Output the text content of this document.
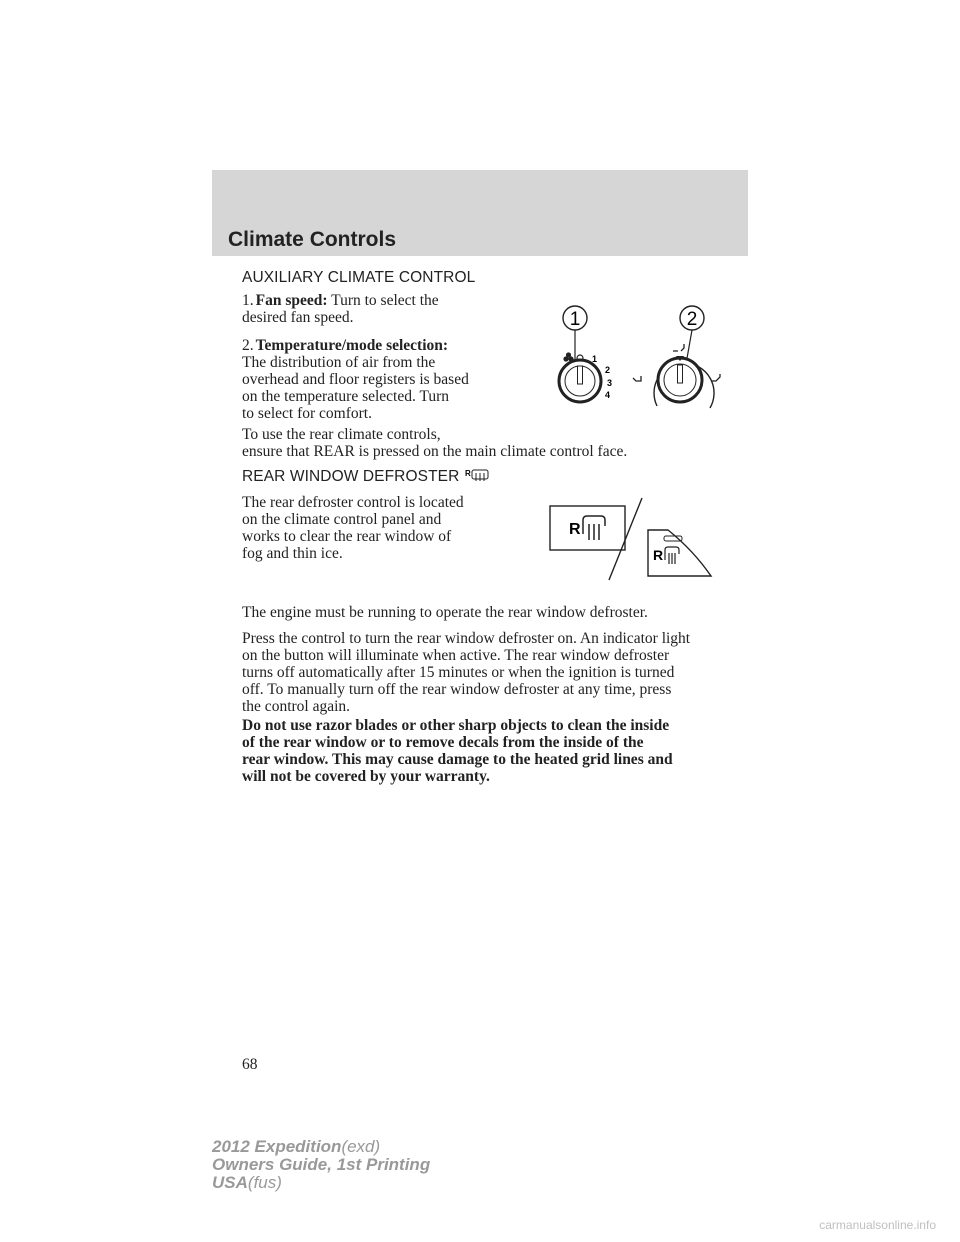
Climate Controls
AUXILIARY CLIMATE CONTROL
1. Fan speed: Turn to select the
desired fan speed.
2. Temperature/mode selection:
The distribution of air from the
overhead and floor registers is based
on the temperature selected. Turn
to select for comfort.
To use the rear climate controls,
ensure that REAR is pressed on the main climate control face.
1	2
1
2
3
4
REAR WINDOW DEFROSTER R
The rear defroster control is located
on the climate control panel and
works to clear the rear window of
fog and thin ice.
R
R
The engine must be running to operate the rear window defroster.
Press the control to turn the rear window defroster on. An indicator light
on the button will illuminate when active. The rear window defroster
turns off automatically after 15 minutes or when the ignition is turned
off. To manually turn off the rear window defroster at any time, press
the control again.
Do not use razor blades or other sharp objects to clean the inside
of the rear window or to remove decals from the inside of the
rear window. This may cause damage to the heated grid lines and
will not be covered by your warranty.
68
2012 Expedition(exd)
Owners Guide, 1st Printing
USA(fus)
carmanualsonline.info
